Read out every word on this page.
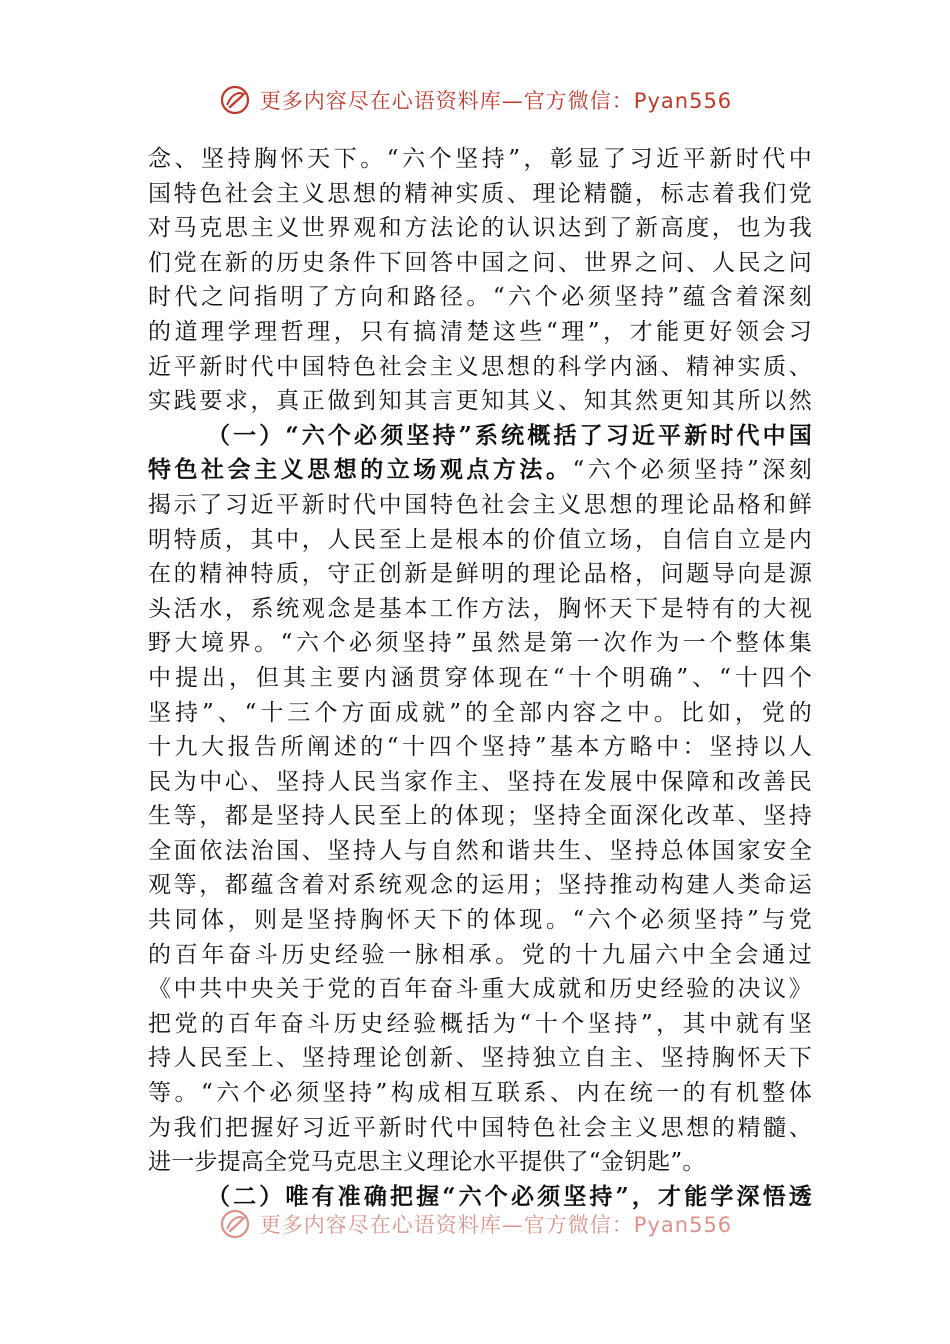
更多内容尽在心语资料库—官方微信：Pyan556
念、坚持胸怀天下。“六个坚持”，彰显了习近平新时代中
国特色社会主义思想的精神实质、理论精髓，标志着我们党
对马克思主义世界观和方法论的认识达到了新高度，也为我
们党在新的历史条件下回答中国之问、世界之问、人民之问
时代之问指明了方向和路径。“六个必须坚持”蕴含着深刻
的道理学理哲理，只有搞清楚这些“理”，才能更好领会习
近平新时代中国特色社会主义思想的科学内涵、精神实质、
实践要求，真正做到知其言更知其义、知其然更知其所以然
（一）“六个必须坚持”系统概括了习近平新时代中国
特色社会主义思想的立场观点方法。“六个必须坚持”深刻
揭示了习近平新时代中国特色社会主义思想的理论品格和鲜
明特质，其中，人民至上是根本的价值立场，自信自立是内
在的精神特质，守正创新是鲜明的理论品格，问题导向是源
头活水，系统观念是基本工作方法，胸怀天下是特有的大视
野大境界。“六个必须坚持”虽然是第一次作为一个整体集
中提出，但其主要内涵贯穿体现在“十个明确”、“十四个
坚持”、“十三个方面成就”的全部内容之中。比如，党的
十九大报告所阐述的“十四个坚持”基本方略中：坚持以人
民为中心、坚持人民当家作主、坚持在发展中保障和改善民
生等，都是坚持人民至上的体现；坚持全面深化改革、坚持
全面依法治国、坚持人与自然和谐共生、坚持总体国家安全
观等，都蕴含着对系统观念的运用；坚持推动构建人类命运
共同体，则是坚持胸怀天下的体现。“六个必须坚持”与党
的百年奋斗历史经验一脉相承。党的十九届六中全会通过
《中共中央关于党的百年奋斗重大成就和历史经验的决议》
把党的百年奋斗历史经验概括为“十个坚持”，其中就有坚
持人民至上、坚持理论创新、坚持独立自主、坚持胸怀天下
等。“六个必须坚持”构成相互联系、内在统一的有机整体
为我们把握好习近平新时代中国特色社会主义思想的精髓、
进一步提高全党马克思主义理论水平提供了“金钥匙”。
（二）唯有准确把握“六个必须坚持”，才能学深悟透
更多内容尽在心语资料库—官方微信：Pyan556
